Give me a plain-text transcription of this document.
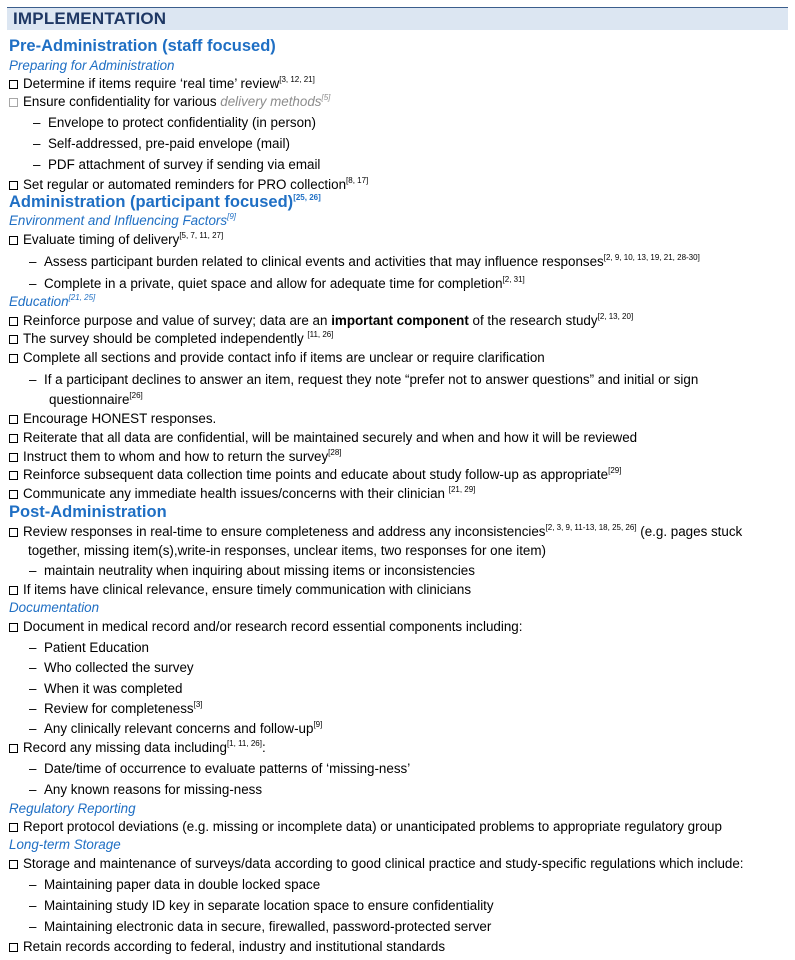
IMPLEMENTATION
Pre-Administration (staff focused)
Preparing for Administration
Determine if items require ‘real time’ review[3, 12, 21]
Ensure confidentiality for various delivery methods[5]
– Envelope to protect confidentiality (in person)
– Self-addressed, pre-paid envelope (mail)
– PDF attachment of survey if sending via email
Set regular or automated reminders for PRO collection[8, 17]
Administration (participant focused)[25, 26]
Environment and Influencing Factors[9]
Evaluate timing of delivery[5, 7, 11, 27]
– Assess participant burden related to clinical events and activities that may influence responses[2, 9, 10, 13, 19, 21, 28-30]
– Complete in a private, quiet space and allow for adequate time for completion[2, 31]
Education[21, 25]
Reinforce purpose and value of survey; data are an important component of the research study[2, 13, 20]
The survey should be completed independently [11, 26]
Complete all sections and provide contact info if items are unclear or require clarification
– If a participant declines to answer an item, request they note “prefer not to answer questions” and initial or sign
questionnaire[26]
Encourage HONEST responses.
Reiterate that all data are confidential, will be maintained securely and when and how it will be reviewed
Instruct them to whom and how to return the survey[28]
Reinforce subsequent data collection time points and educate about study follow-up as appropriate[29]
Communicate any immediate health issues/concerns with their clinician [21, 29]
Post-Administration
Review responses in real-time to ensure completeness and address any inconsistencies[2, 3, 9, 11-13, 18, 25, 26] (e.g. pages stuck
together, missing item(s),write-in responses, unclear items, two responses for one item)
– maintain neutrality when inquiring about missing items or inconsistencies
If items have clinical relevance, ensure timely communication with clinicians
Documentation
Document in medical record and/or research record essential components including:
– Patient Education
– Who collected the survey
– When it was completed
– Review for completeness[3]
– Any clinically relevant concerns and follow-up[9]
Record any missing data including[1, 11, 26]:
– Date/time of occurrence to evaluate patterns of ‘missing-ness’
– Any known reasons for missing-ness
Regulatory Reporting
Report protocol deviations (e.g. missing or incomplete data) or unanticipated problems to appropriate regulatory group
Long-term Storage
Storage and maintenance of surveys/data according to good clinical practice and study-specific regulations which include:
– Maintaining paper data in double locked space
– Maintaining study ID key in separate location space to ensure confidentiality
– Maintaining electronic data in secure, firewalled, password-protected server
Retain records according to federal, industry and institutional standards
